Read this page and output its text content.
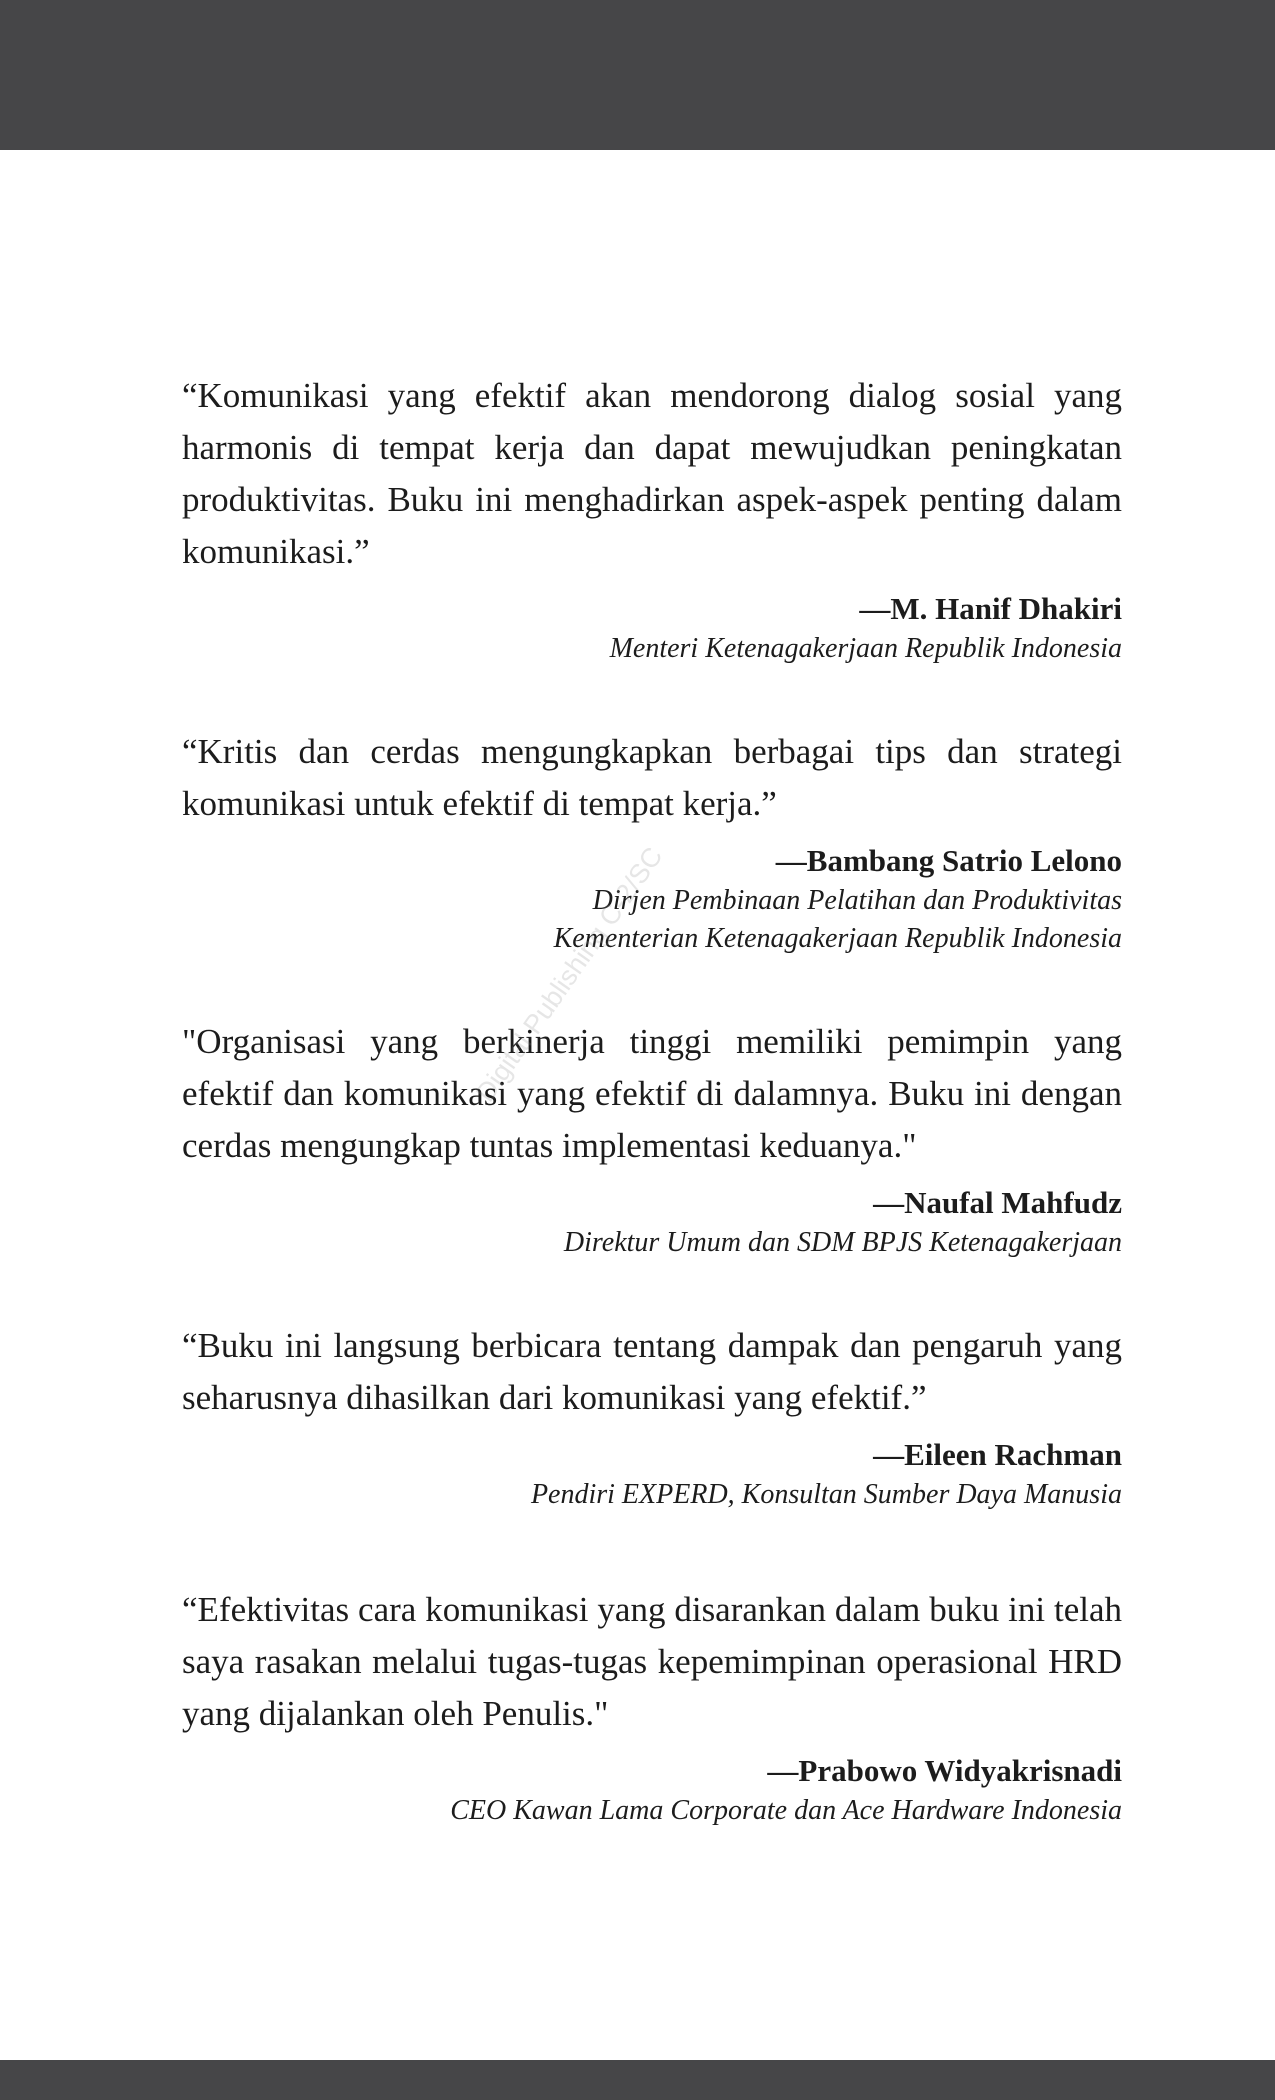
“Komunikasi yang efektif akan mendorong dialog sosial yang harmonis di tempat kerja dan dapat mewujudkan peningkatan produktivitas. Buku ini menghadirkan aspek-aspek penting dalam komunikasi.”

—M. Hanif Dhakiri
Menteri Ketenagakerjaan Republik Indonesia

“Kritis dan cerdas mengungkapkan berbagai tips dan strategi komunikasi untuk efektif di tempat kerja.”

—Bambang Satrio Lelono
Dirjen Pembinaan Pelatihan dan Produktivitas
Kementerian Ketenagakerjaan Republik Indonesia

"Organisasi yang berkinerja tinggi memiliki pemimpin yang efektif dan komunikasi yang efektif di dalamnya. Buku ini dengan cerdas mengungkap tuntas implementasi keduanya."

—Naufal Mahfudz
Direktur Umum dan SDM BPJS Ketenagakerjaan

“Buku ini langsung berbicara tentang dampak dan pengaruh yang seharusnya dihasilkan dari komunikasi yang efektif.”

—Eileen Rachman
Pendiri EXPERD, Konsultan Sumber Daya Manusia

“Efektivitas cara komunikasi yang disarankan dalam buku ini telah saya rasakan melalui tugas-tugas kepemimpinan operasional HRD yang dijalankan oleh Penulis."

—Prabowo Widyakrisnadi
CEO Kawan Lama Corporate dan Ace Hardware Indonesia
Digital Publishing C-2/SC
